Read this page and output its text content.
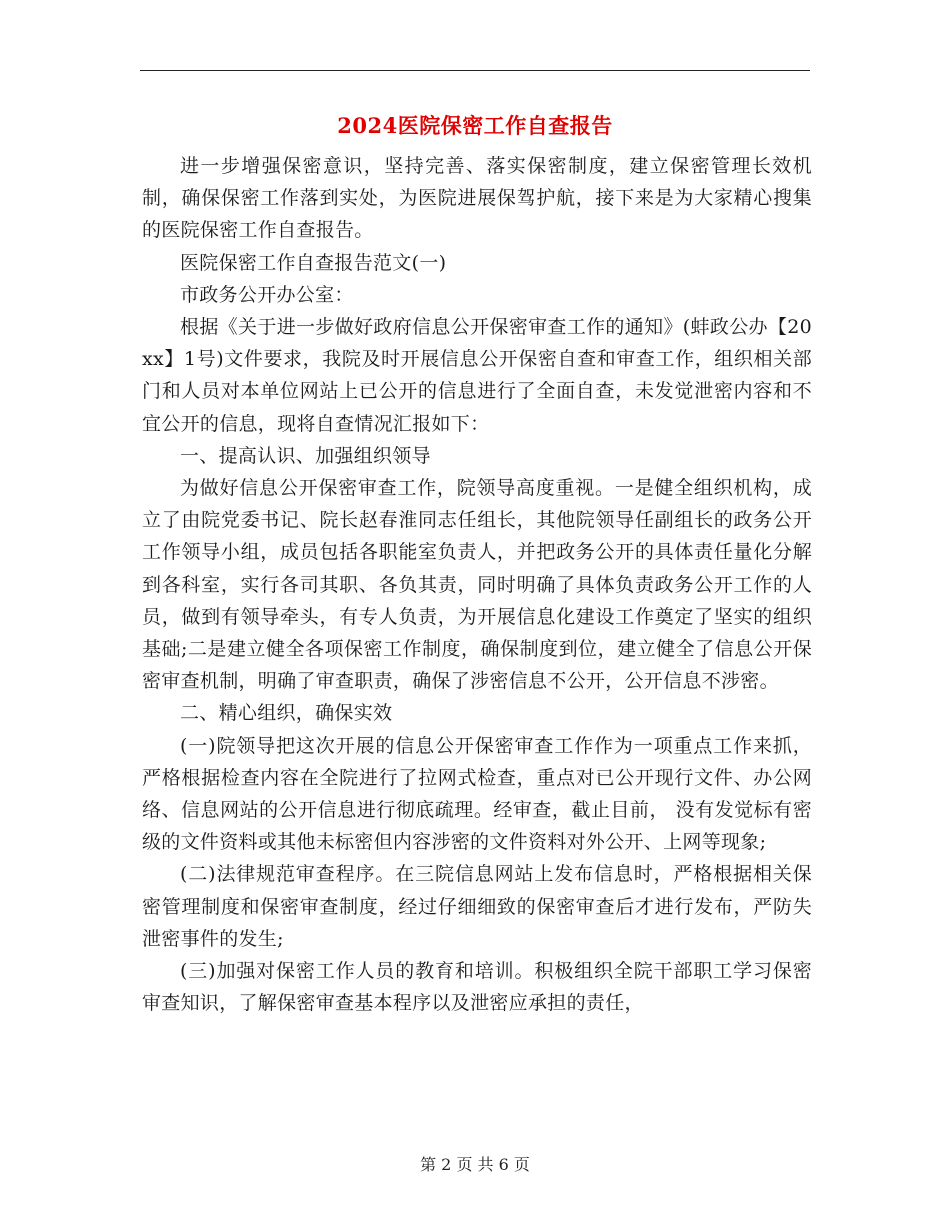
2024医院保密工作自查报告

进一步增强保密意识，坚持完善、落实保密制度，建立保密管理长效机制，确保保密工作落到实处，为医院进展保驾护航，接下来是为大家精心搜集的医院保密工作自查报告。

医院保密工作自查报告范文(一)

市政务公开办公室：

根据《关于进一步做好政府信息公开保密审查工作的通知》(蚌政公办【20xx】1号)文件要求，我院及时开展信息公开保密自查和审查工作，组织相关部门和人员对本单位网站上已公开的信息进行了全面自查，未发觉泄密内容和不宜公开的信息，现将自查情况汇报如下：

一、提高认识、加强组织领导

为做好信息公开保密审查工作，院领导高度重视。一是健全组织机构，成立了由院党委书记、院长赵春淮同志任组长，其他院领导任副组长的政务公开工作领导小组，成员包括各职能室负责人，并把政务公开的具体责任量化分解到各科室，实行各司其职、各负其责，同时明确了具体负责政务公开工作的人员，做到有领导牵头，有专人负责，为开展信息化建设工作奠定了坚实的组织基础;二是建立健全各项保密工作制度，确保制度到位，建立健全了信息公开保密审查机制，明确了审查职责，确保了涉密信息不公开，公开信息不涉密。

二、精心组织，确保实效

(一)院领导把这次开展的信息公开保密审查工作作为一项重点工作来抓，严格根据检查内容在全院进行了拉网式检查，重点对已公开现行文件、办公网络、信息网站的公开信息进行彻底疏理。经审查，截止目前， 没有发觉标有密级的文件资料或其他未标密但内容涉密的文件资料对外公开、上网等现象;

(二)法律规范审查程序。在三院信息网站上发布信息时，严格根据相关保密管理制度和保密审查制度，经过仔细细致的保密审查后才进行发布，严防失泄密事件的发生;

(三)加强对保密工作人员的教育和培训。积极组织全院干部职工学习保密审查知识，了解保密审查基本程序以及泄密应承担的责任，

第 2 页 共 6 页
